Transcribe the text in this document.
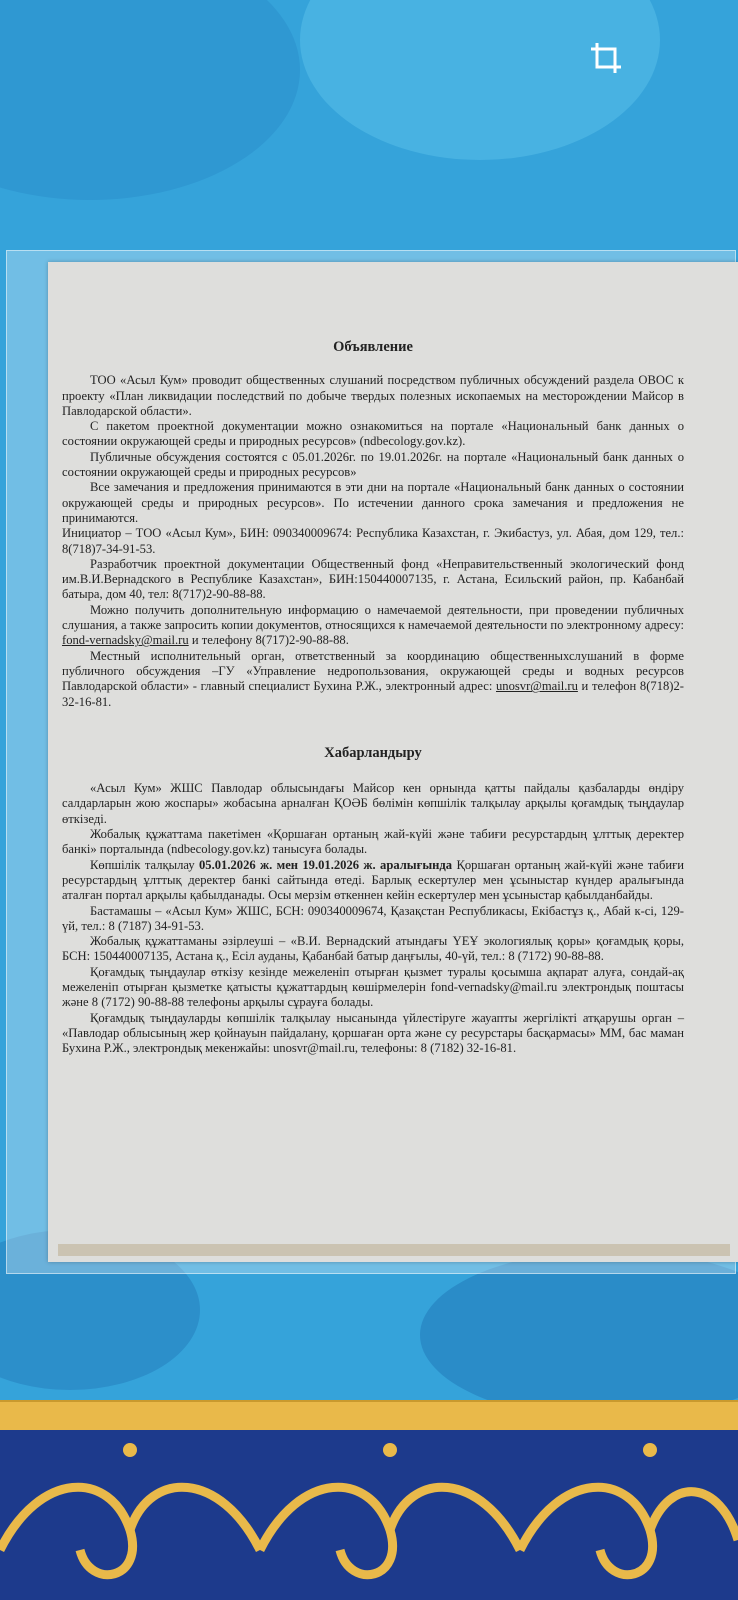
Объявление

ТОО «Асыл Кум» проводит общественных слушаний посредством публичных обсуждений раздела ОВОС к проекту «План ликвидации последствий по добыче твердых полезных ископаемых на месторождении Майсор в Павлодарской области».

С пакетом проектной документации можно ознакомиться на портале «Национальный банк данных о состоянии окружающей среды и природных ресурсов» (ndbecology.gov.kz).

Публичные обсуждения состоятся с 05.01.2026г. по 19.01.2026г. на портале «Национальный банк данных о состоянии окружающей среды и природных ресурсов»

Все замечания и предложения принимаются в эти дни на портале «Национальный банк данных о состоянии окружающей среды и природных ресурсов». По истечении данного срока замечания и предложения не принимаются.

Инициатор – ТОО «Асыл Кум», БИН: 090340009674: Республика Казахстан, г. Экибастуз, ул. Абая, дом 129, тел.: 8(718)7-34-91-53.

Разработчик проектной документации Общественный фонд «Неправительственный экологический фонд им.В.И.Вернадского в Республике Казахстан», БИН:150440007135, г. Астана, Есильский район, пр. Кабанбай батыра, дом 40, тел: 8(717)2-90-88-88.

Можно получить дополнительную информацию о намечаемой деятельности, при проведении публичных слушания, а также запросить копии документов, относящихся к намечаемой деятельности по электронному адресу: fond-vernadsky@mail.ru и телефону 8(717)2-90-88-88.

Местный исполнительный орган, ответственный за координацию общественныхслушаний в форме публичного обсуждения –ГУ «Управление недропользования, окружающей среды и водных ресурсов Павлодарской области» - главный специалист Бухина Р.Ж., электронный адрес: unosvr@mail.ru и телефон 8(718)2-32-16-81.

Хабарландыру

«Асыл Кум» ЖШС Павлодар облысындағы Майсор кен орнында қатты пайдалы қазбаларды өндіру салдарларын жою жоспары» жобасына арналған ҚОӘБ бөлімін көпшілік талқылау арқылы қоғамдық тыңдаулар өткізеді.

Жобалық құжаттама пакетімен «Қоршаған ортаның жай-күйі және табиғи ресурстардың ұлттық деректер банкі» порталында (ndbecology.gov.kz) танысуға болады.

Көпшілік талқылау 05.01.2026 ж. мен 19.01.2026 ж. аралығында Қоршаған ортаның жай-күйі және табиғи ресурстардың ұлттық деректер банкі сайтында өтеді. Барлық ескертулер мен ұсыныстар күндер аралығында аталған портал арқылы қабылданады. Осы мерзім өткеннен кейін ескертулер мен ұсыныстар қабылданбайды.

Бастамашы – «Асыл Кум» ЖШС, БСН: 090340009674, Қазақстан Республикасы, Екібастұз қ., Абай к-сі, 129-үй, тел.: 8 (7187) 34-91-53.

Жобалық құжаттаманы әзірлеуші – «В.И. Вернадский атындағы ҮЕҰ экологиялық қоры» қоғамдық қоры, БСН: 150440007135, Астана қ., Есіл ауданы, Қабанбай батыр даңғылы, 40-үй, тел.: 8 (7172) 90-88-88.

Қоғамдық тыңдаулар өткізу кезінде межеленіп отырған қызмет туралы қосымша ақпарат алуға, сондай-ақ межеленіп отырған қызметке қатысты құжаттардың көшірмелерін fond-vernadsky@mail.ru электрондық поштасы және 8 (7172) 90-88-88 телефоны арқылы сұрауға болады.

Қоғамдық тыңдауларды көпшілік талқылау нысанында үйлестіруге жауапты жергілікті атқарушы орган – «Павлодар облысының жер қойнауын пайдалану, қоршаған орта және су ресурстары басқармасы» ММ, бас маман Бухина Р.Ж., электрондық мекенжайы: unosvr@mail.ru, телефоны: 8 (7182) 32-16-81.
